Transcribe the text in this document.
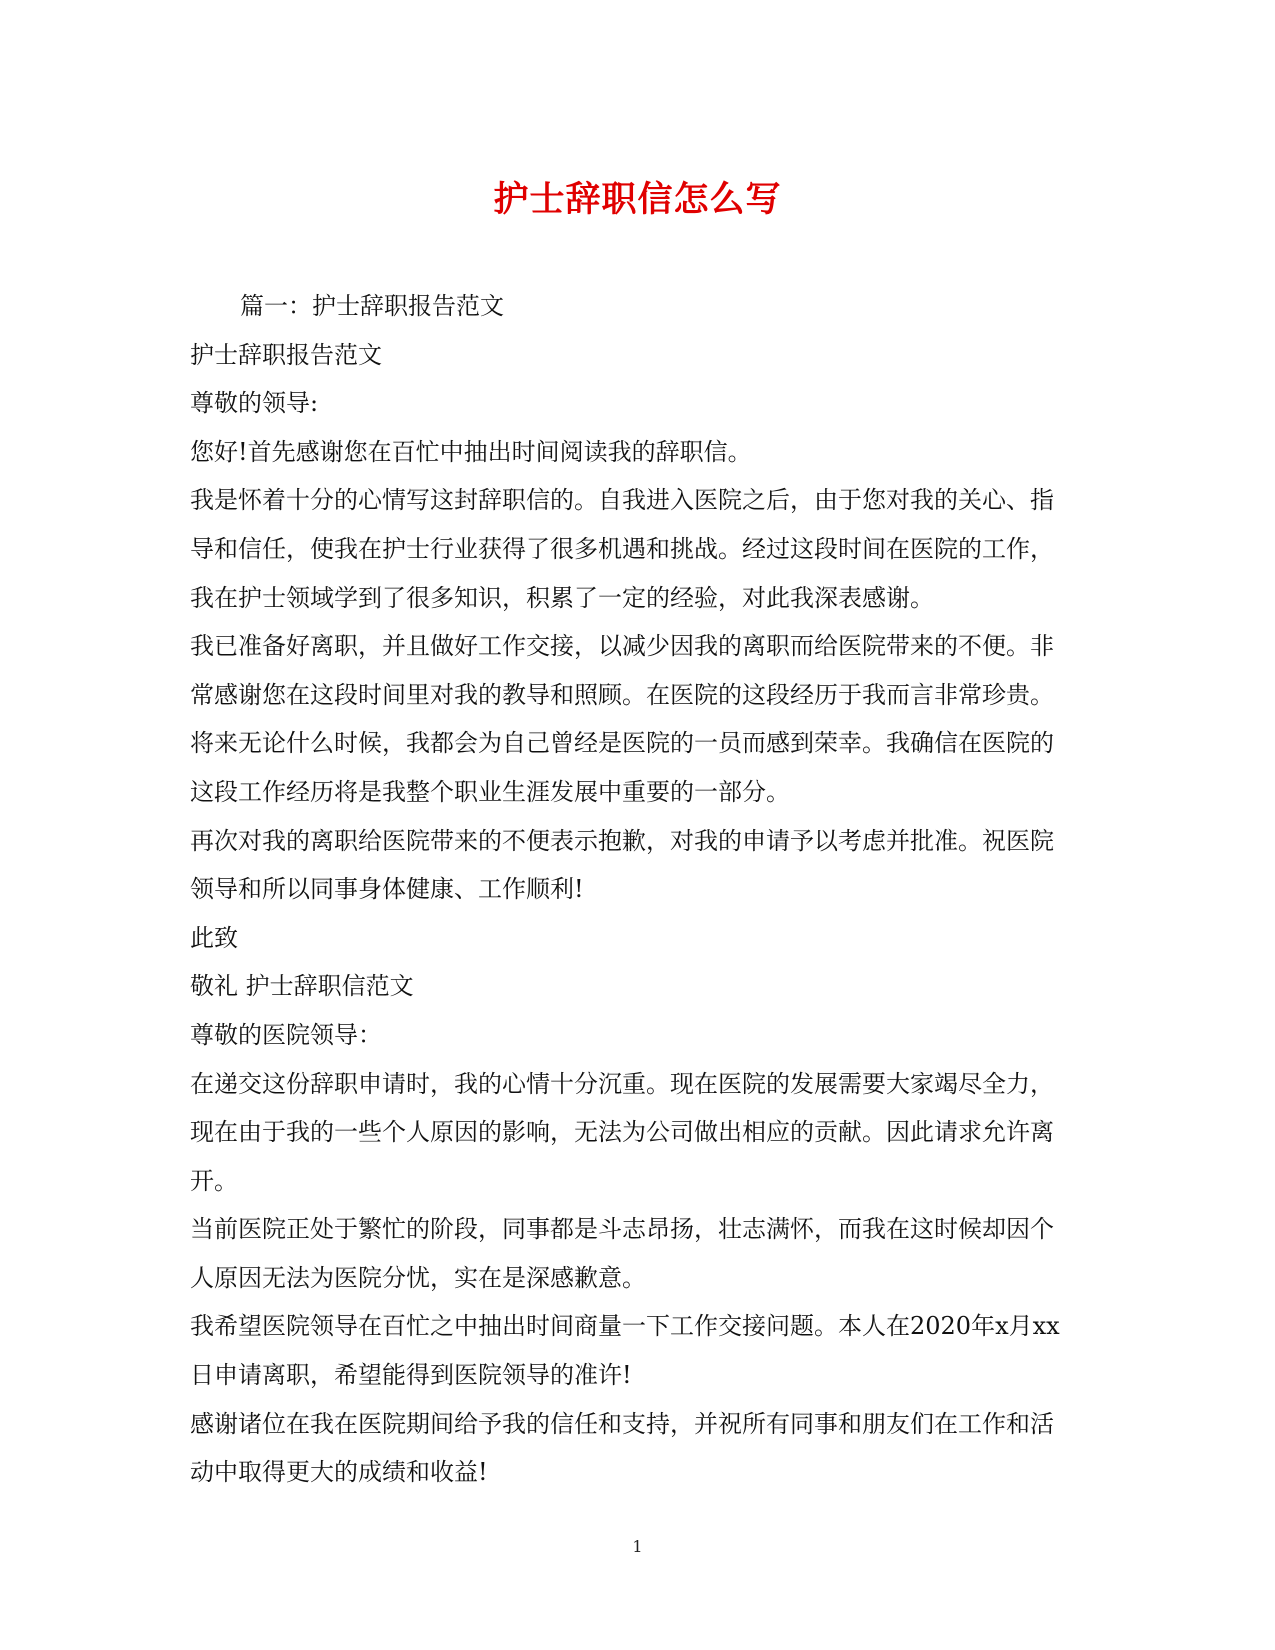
护士辞职信怎么写

篇一：护士辞职报告范文

护士辞职报告范文

尊敬的领导:

您好!首先感谢您在百忙中抽出时间阅读我的辞职信。

我是怀着十分的心情写这封辞职信的。自我进入医院之后，由于您对我的关心、指

导和信任，使我在护士行业获得了很多机遇和挑战。经过这段时间在医院的工作，

我在护士领域学到了很多知识，积累了一定的经验，对此我深表感谢。

我已准备好离职，并且做好工作交接，以减少因我的离职而给医院带来的不便。非

常感谢您在这段时间里对我的教导和照顾。在医院的这段经历于我而言非常珍贵。

将来无论什么时候，我都会为自己曾经是医院的一员而感到荣幸。我确信在医院的

这段工作经历将是我整个职业生涯发展中重要的一部分。

再次对我的离职给医院带来的不便表示抱歉，对我的申请予以考虑并批准。祝医院

领导和所以同事身体健康、工作顺利!

此致

敬礼 护士辞职信范文

尊敬的医院领导：

在递交这份辞职申请时，我的心情十分沉重。现在医院的发展需要大家竭尽全力，

现在由于我的一些个人原因的影响，无法为公司做出相应的贡献。因此请求允许离

开。

当前医院正处于繁忙的阶段，同事都是斗志昂扬，壮志满怀，而我在这时候却因个

人原因无法为医院分忧，实在是深感歉意。

我希望医院领导在百忙之中抽出时间商量一下工作交接问题。本人在2020年x月xx

日申请离职，希望能得到医院领导的准许!

感谢诸位在我在医院期间给予我的信任和支持，并祝所有同事和朋友们在工作和活

动中取得更大的成绩和收益!

1
